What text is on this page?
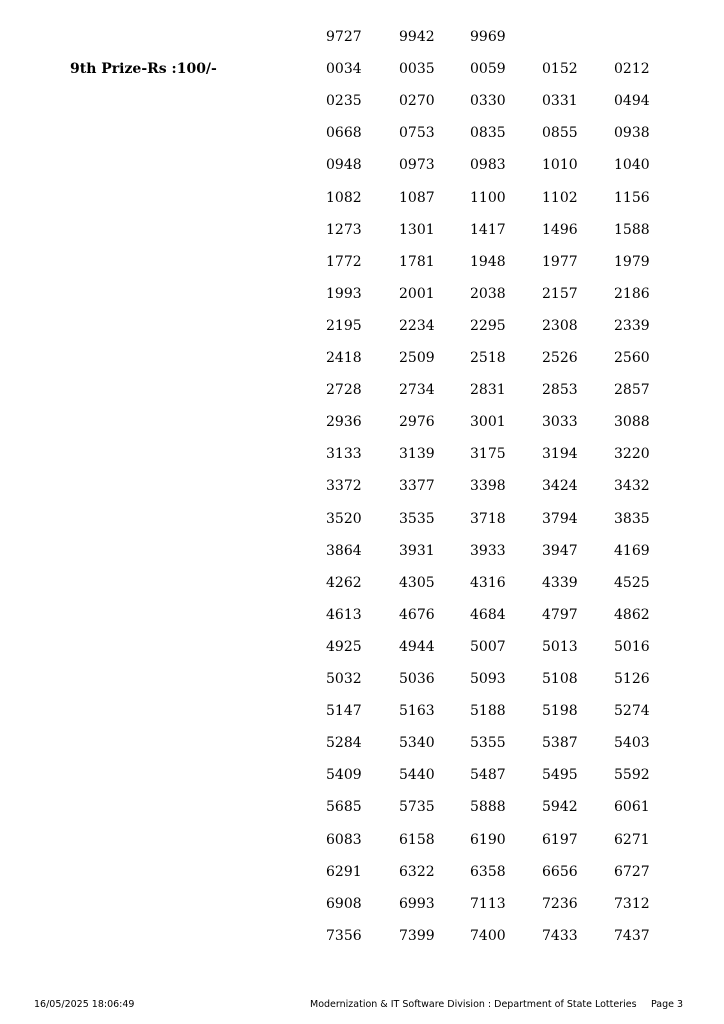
9th Prize-Rs :100/-
9727	9942	9969
0034	0035	0059	0152	0212
0235	0270	0330	0331	0494
0668	0753	0835	0855	0938
0948	0973	0983	1010	1040
1082	1087	1100	1102	1156
1273	1301	1417	1496	1588
1772	1781	1948	1977	1979
1993	2001	2038	2157	2186
2195	2234	2295	2308	2339
2418	2509	2518	2526	2560
2728	2734	2831	2853	2857
2936	2976	3001	3033	3088
3133	3139	3175	3194	3220
3372	3377	3398	3424	3432
3520	3535	3718	3794	3835
3864	3931	3933	3947	4169
4262	4305	4316	4339	4525
4613	4676	4684	4797	4862
4925	4944	5007	5013	5016
5032	5036	5093	5108	5126
5147	5163	5188	5198	5274
5284	5340	5355	5387	5403
5409	5440	5487	5495	5592
5685	5735	5888	5942	6061
6083	6158	6190	6197	6271
6291	6322	6358	6656	6727
6908	6993	7113	7236	7312
7356	7399	7400	7433	7437
16/05/2025 18:06:49	Modernization & IT Software Division : Department of State Lotteries Page 3
